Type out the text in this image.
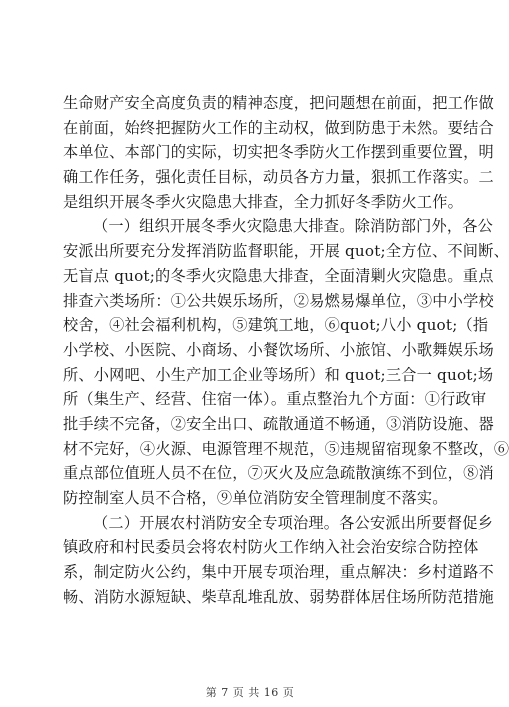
生命财产安全高度负责的精神态度，把问题想在前面，把工作做
在前面，始终把握防火工作的主动权，做到防患于未然。要结合
本单位、本部门的实际，切实把冬季防火工作摆到重要位置，明
确工作任务，强化责任目标，动员各方力量，狠抓工作落实。二
是组织开展冬季火灾隐患大排查，全力抓好冬季防火工作。
（一）组织开展冬季火灾隐患大排查。除消防部门外，各公
安派出所要充分发挥消防监督职能，开展 quot;全方位、不间断、
无盲点 quot;的冬季火灾隐患大排查，全面清剿火灾隐患。重点
排查六类场所：①公共娱乐场所，②易燃易爆单位，③中小学校
校舍，④社会福利机构，⑤建筑工地，⑥quot;八小 quot;（指
小学校、小医院、小商场、小餐饮场所、小旅馆、小歌舞娱乐场
所、小网吧、小生产加工企业等场所）和 quot;三合一 quot;场
所（集生产、经营、住宿一体）。重点整治九个方面：①行政审
批手续不完备，②安全出口、疏散通道不畅通，③消防设施、器
材不完好，④火源、电源管理不规范，⑤违规留宿现象不整改，⑥
重点部位值班人员不在位，⑦灭火及应急疏散演练不到位，⑧消
防控制室人员不合格，⑨单位消防安全管理制度不落实。
（二）开展农村消防安全专项治理。各公安派出所要督促乡
镇政府和村民委员会将农村防火工作纳入社会治安综合防控体
系，制定防火公约，集中开展专项治理，重点解决：乡村道路不
畅、消防水源短缺、柴草乱堆乱放、弱势群体居住场所防范措施
第 7 页 共 16 页
